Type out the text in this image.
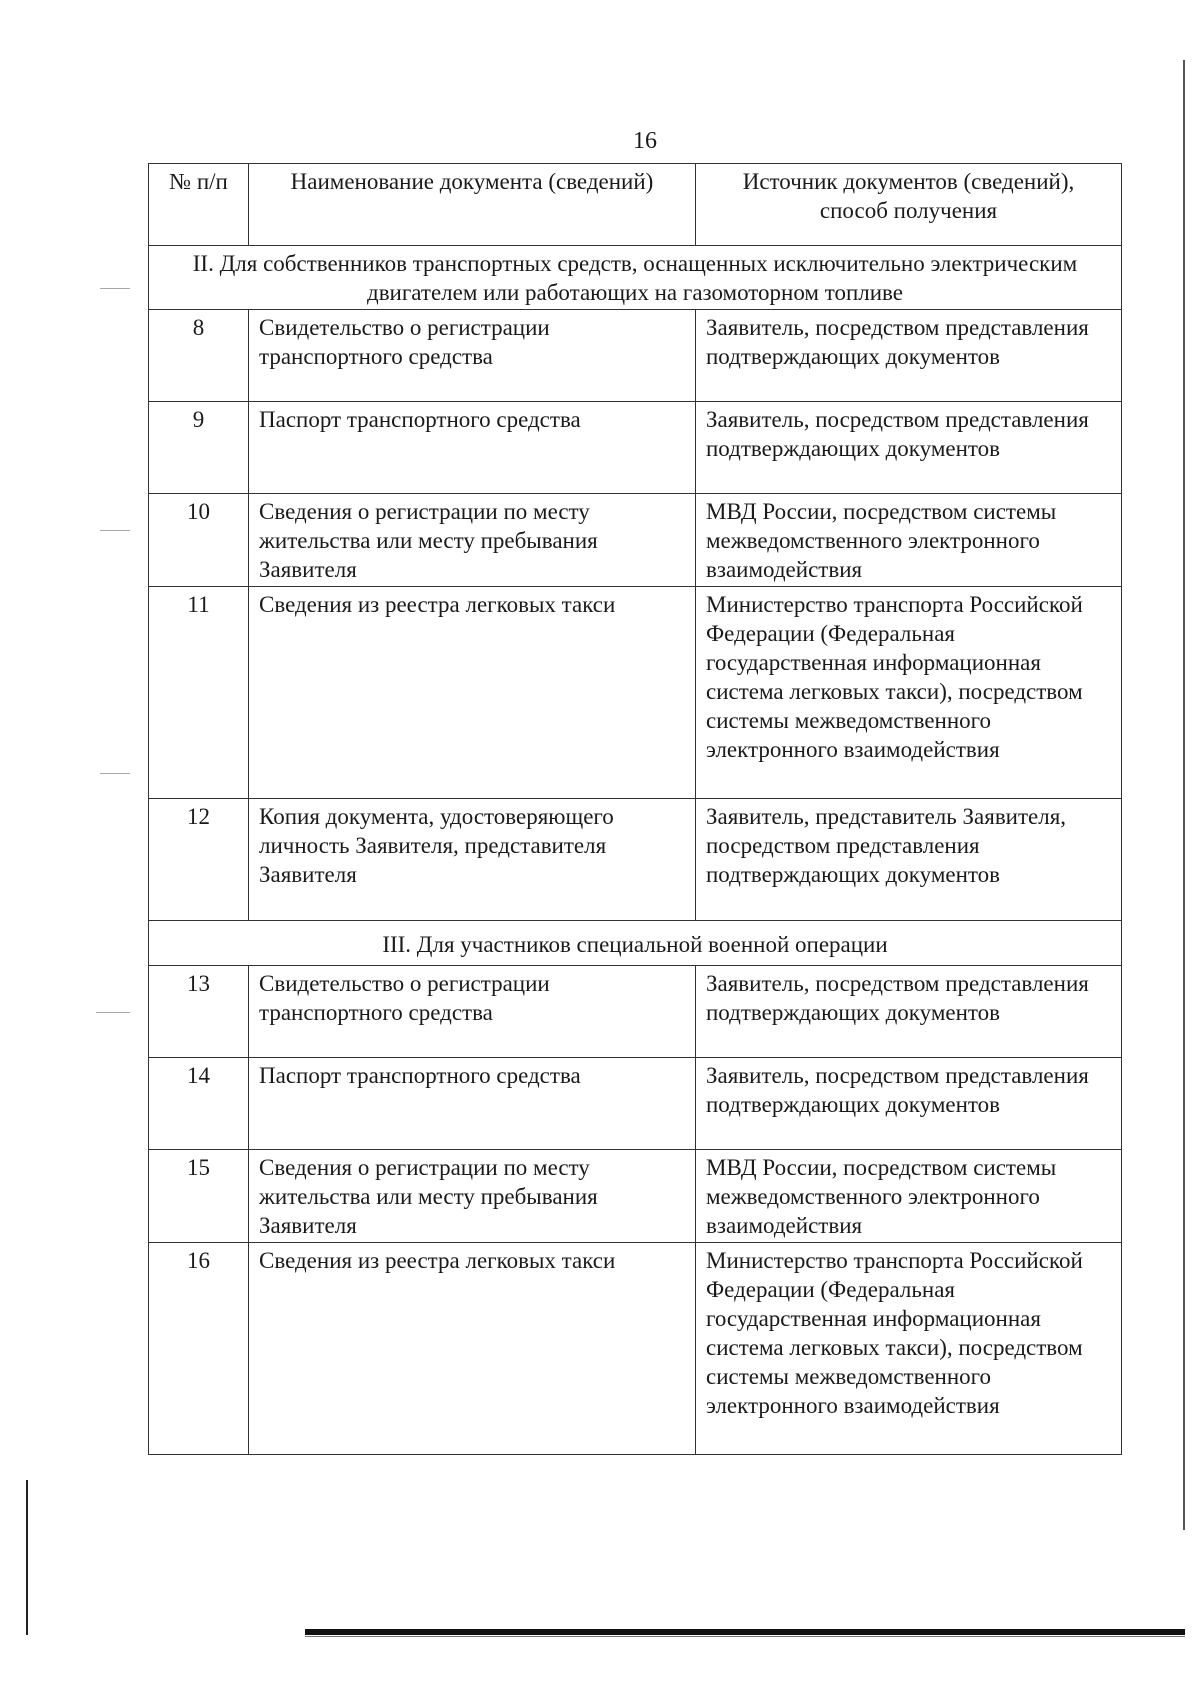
16
№ п/п	Наименование документа (сведений)	Источник документов (сведений), способ получения
II. Для собственников транспортных средств, оснащенных исключительно электрическим двигателем или работающих на газомоторном топливе		
8	Свидетельство о регистрации транспортного средства	Заявитель, посредством представления подтверждающих документов
9	Паспорт транспортного средства	Заявитель, посредством представления подтверждающих документов
10	Сведения о регистрации по месту жительства или месту пребывания Заявителя	МВД России, посредством системы межведомственного электронного взаимодействия
11	Сведения из реестра легковых такси	Министерство транспорта Российской Федерации (Федеральная государственная информационная система легковых такси), посредством системы межведомственного электронного взаимодействия
12	Копия документа, удостоверяющего личность Заявителя, представителя Заявителя	Заявитель, представитель Заявителя, посредством представления подтверждающих документов
III. Для участников специальной военной операции		
13	Свидетельство о регистрации транспортного средства	Заявитель, посредством представления подтверждающих документов
14	Паспорт транспортного средства	Заявитель, посредством представления подтверждающих документов
15	Сведения о регистрации по месту жительства или месту пребывания Заявителя	МВД России, посредством системы межведомственного электронного взаимодействия
16	Сведения из реестра легковых такси	Министерство транспорта Российской Федерации (Федеральная государственная информационная система легковых такси), посредством системы межведомственного электронного взаимодействия
